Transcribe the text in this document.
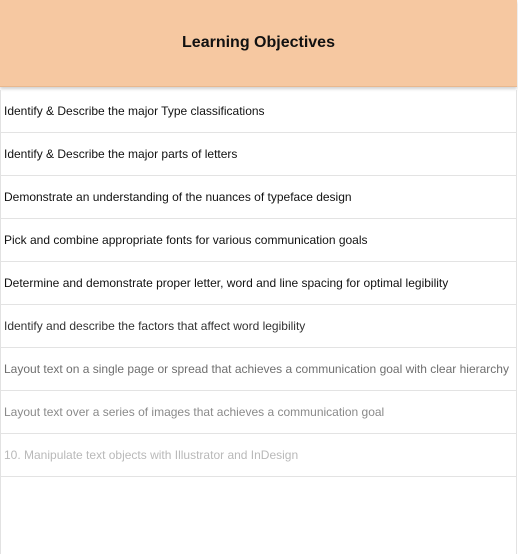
Learning Objectives
Identify & Describe the major Type classifications
Identify & Describe the major parts of letters
Demonstrate an understanding of the nuances of typeface design
Pick and combine appropriate fonts for various communication goals
Determine and demonstrate proper letter, word and line spacing for optimal legibility
Identify and describe the factors that affect word legibility
Layout text on a single page or spread that achieves a communication goal with clear hierarchy
Layout text over a series of images that achieves a communication goal
10. Manipulate text objects with Illustrator and InDesign
